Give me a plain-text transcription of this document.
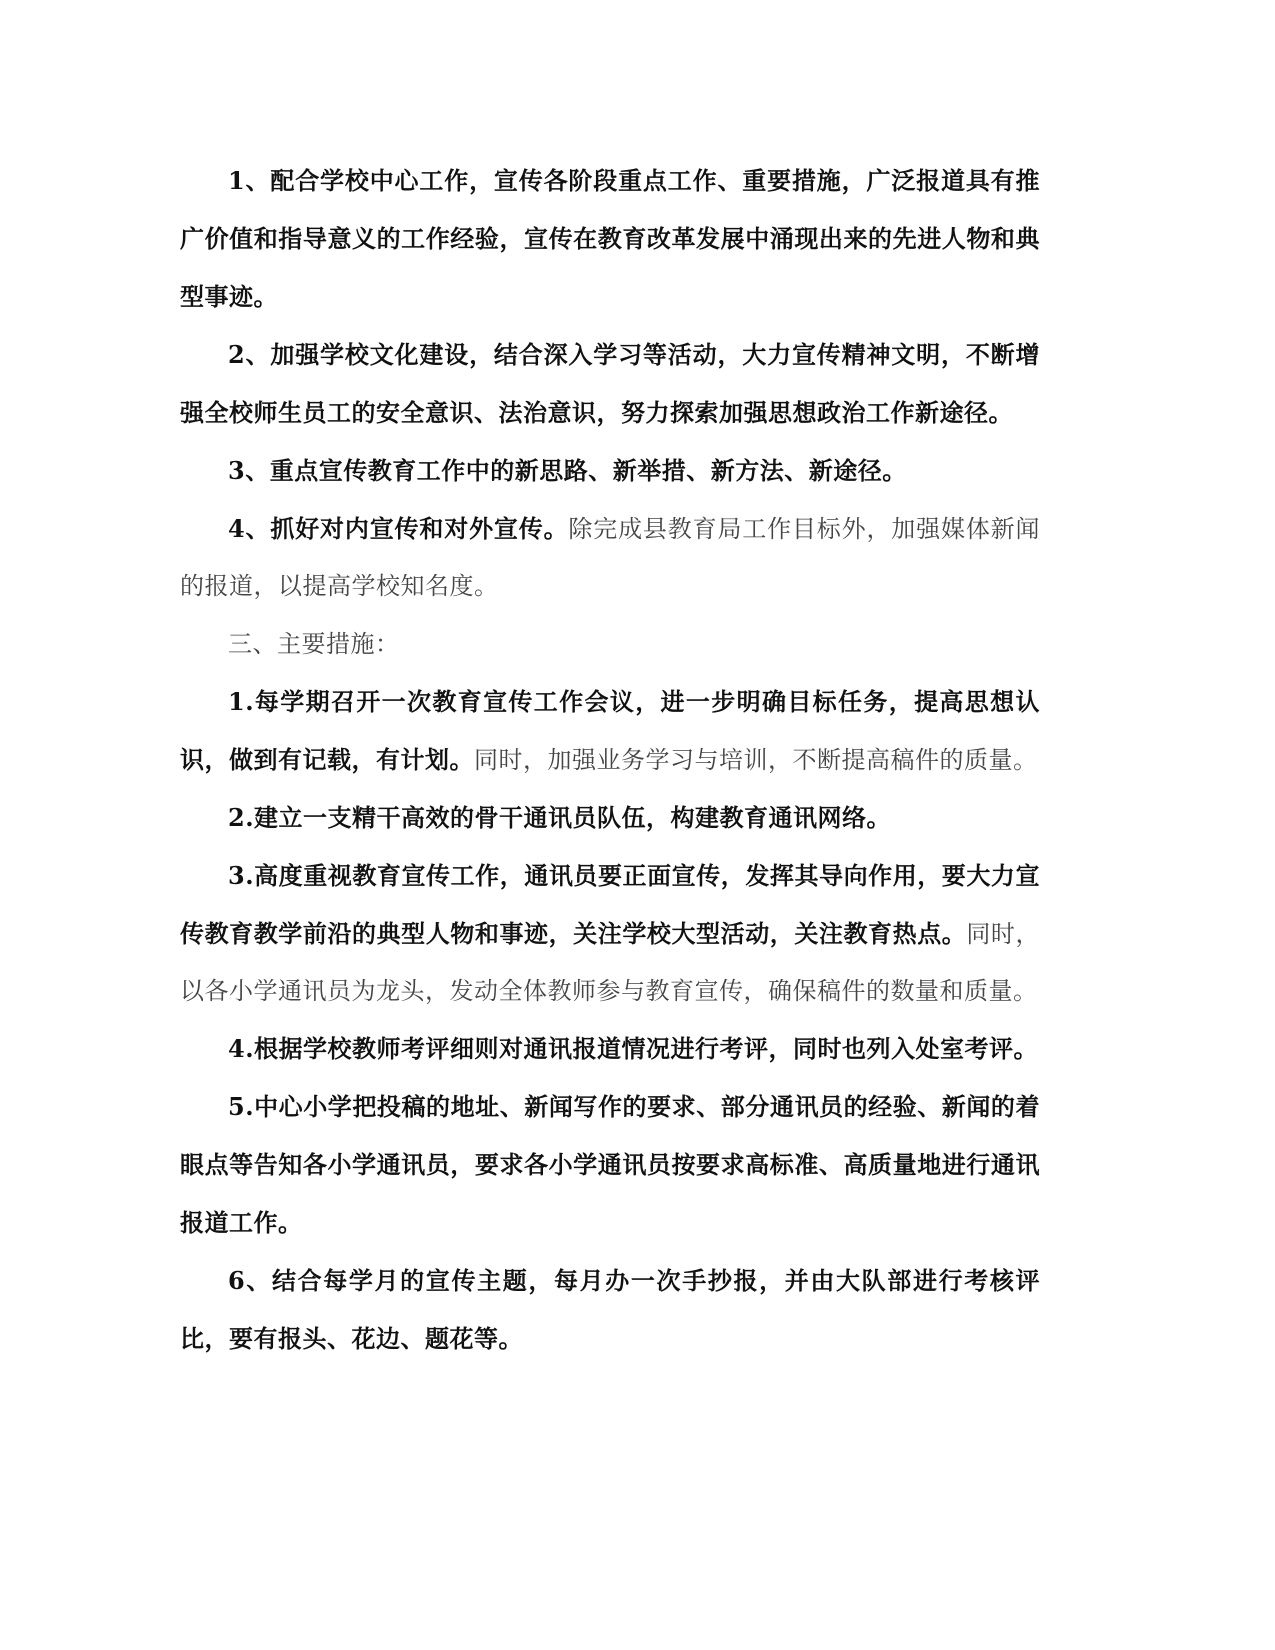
1、配合学校中心工作，宣传各阶段重点工作、重要措施，广泛报道具有推广价值和指导意义的工作经验，宣传在教育改革发展中涌现出来的先进人物和典型事迹。

2、加强学校文化建设，结合深入学习等活动，大力宣传精神文明，不断增强全校师生员工的安全意识、法治意识，努力探索加强思想政治工作新途径。

3、重点宣传教育工作中的新思路、新举措、新方法、新途径。

4、抓好对内宣传和对外宣传。除完成县教育局工作目标外，加强媒体新闻的报道，以提高学校知名度。

三、主要措施：

1.每学期召开一次教育宣传工作会议，进一步明确目标任务，提高思想认识，做到有记载，有计划。同时，加强业务学习与培训，不断提高稿件的质量。

2.建立一支精干高效的骨干通讯员队伍，构建教育通讯网络。

3.高度重视教育宣传工作，通讯员要正面宣传，发挥其导向作用，要大力宣传教育教学前沿的典型人物和事迹，关注学校大型活动，关注教育热点。同时，以各小学通讯员为龙头，发动全体教师参与教育宣传，确保稿件的数量和质量。

4.根据学校教师考评细则对通讯报道情况进行考评，同时也列入处室考评。

5.中心小学把投稿的地址、新闻写作的要求、部分通讯员的经验、新闻的着眼点等告知各小学通讯员，要求各小学通讯员按要求高标准、高质量地进行通讯报道工作。

6、结合每学月的宣传主题，每月办一次手抄报，并由大队部进行考核评比，要有报头、花边、题花等。
